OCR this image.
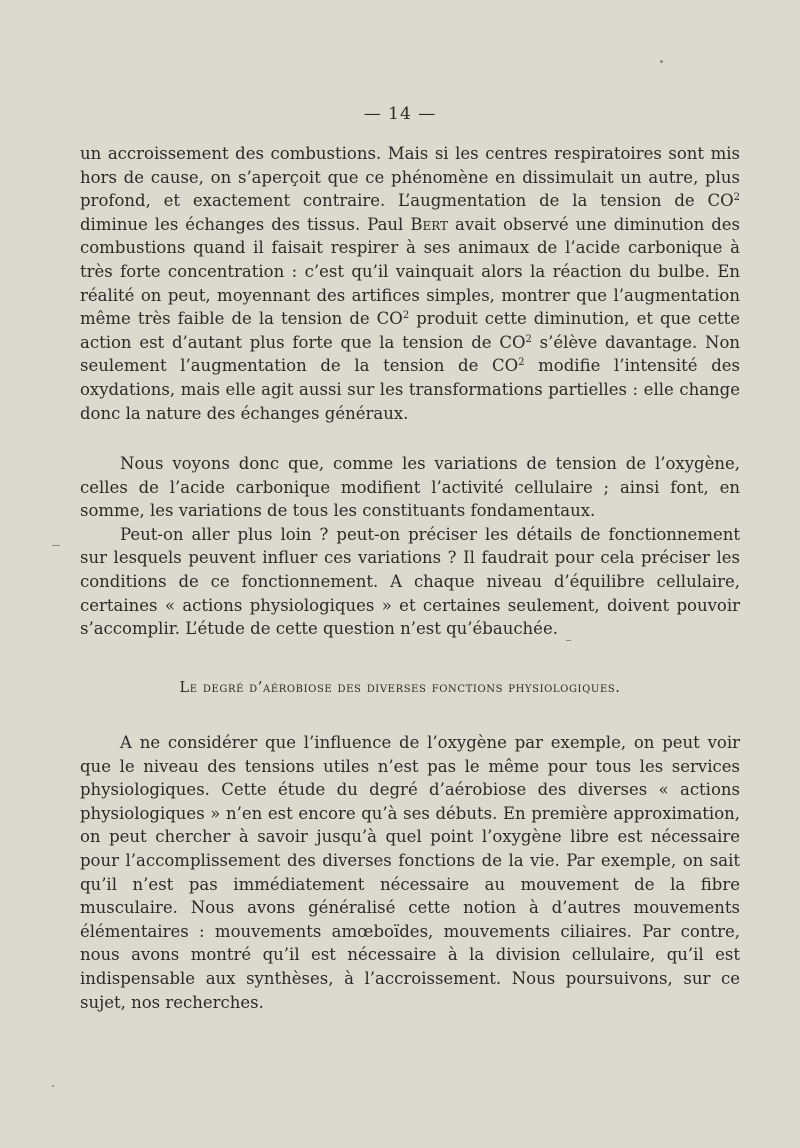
— 14 —

un accroissement des combustions. Mais si les centres respiratoires sont mis hors de cause, on s’aperçoit que ce phénomène en dissimulait un autre, plus profond, et exactement contraire. L’augmentation de la tension de $CO^2$ diminue les échanges des tissus. Paul Bert avait observé une diminution des combustions quand il faisait respirer à ses animaux de l’acide carbonique à très forte concentration : c’est qu’il vainquait alors la réaction du bulbe. En réalité on peut, moyennant des artifices simples, montrer que l’augmentation même très faible de la tension de $CO^2$ produit cette diminution, et que cette action est d’autant plus forte que la tension de $CO^2$ s’élève davantage. Non seulement l’augmentation de la tension de $CO^2$ modifie l’intensité des oxydations, mais elle agit aussi sur les transformations partielles : elle change donc la nature des échanges généraux.

Nous voyons donc que, comme les variations de tension de l’oxygène, celles de l’acide carbonique modifient l’activité cellulaire ; ainsi font, en somme, les variations de tous les constituants fondamentaux.

Peut-on aller plus loin ? peut-on préciser les détails de fonctionnement sur lesquels peuvent influer ces variations ? Il faudrait pour cela préciser les conditions de ce fonctionnement. A chaque niveau d’équilibre cellulaire, certaines « actions physiologiques » et certaines seulement, doivent pouvoir s’accomplir. L’étude de cette question n’est qu’ébauchée.

Le degré d’aérobiose des diverses fonctions physiologiques.

A ne considérer que l’influence de l’oxygène par exemple, on peut voir que le niveau des tensions utiles n’est pas le même pour tous les services physiologiques. Cette étude du degré d’aérobiose des diverses « actions physiologiques » n’en est encore qu’à ses débuts. En première approximation, on peut chercher à savoir jusqu’à quel point l’oxygène libre est nécessaire pour l’accomplissement des diverses fonctions de la vie. Par exemple, on sait qu’il n’est pas immédiatement nécessaire au mouvement de la fibre musculaire. Nous avons généralisé cette notion à d’autres mouvements élémentaires : mouvements amœboïdes, mouvements ciliaires. Par contre, nous avons montré qu’il est nécessaire à la division cellulaire, qu’il est indispensable aux synthèses, à l’accroissement. Nous poursuivons, sur ce sujet, nos recherches.
